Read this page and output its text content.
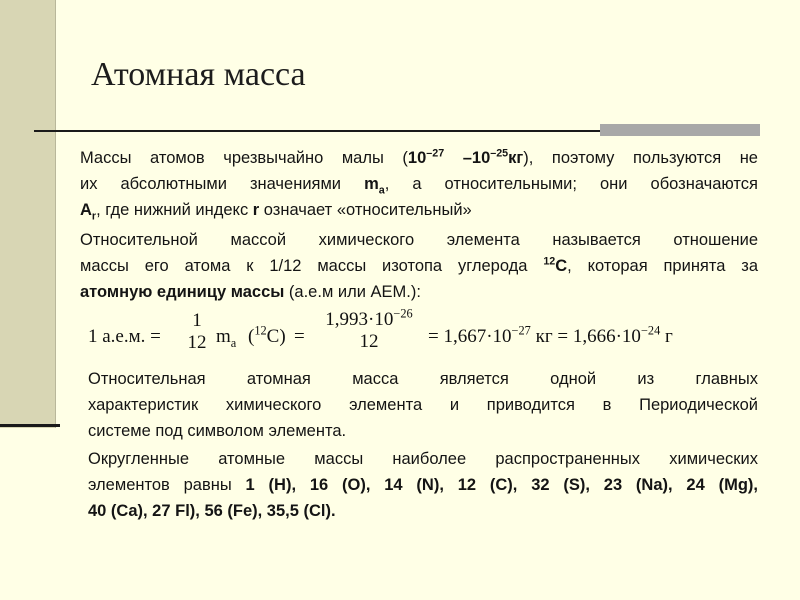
Атомная масса
Массы атомов чрезвычайно малы ($10^{-27}$ $-10^{-25}кг$), поэтому пользуются не
их абсолютными значениями $m_a$, а относительными; они обозначаются
$A_r$, где нижний индекс r означает «относительный»
Относительной массой химического элемента называется отношение
массы его атома к 1/12 массы изотопа углерода $^{12}$C, которая принята за
атомную единицу массы (а.е.м или АЕМ.):
1 а.е.м. =
1
12 $m_а$ ($^{12}$C) =
$1,993\cdot 10^{-26}$
12	= $1,667\cdot 10^{-27}$ кг = $1,666\cdot 10^{-24}$ г
Относительная атомная масса является одной из главных
характеристик химического элемента и приводится в Периодической
системе под символом элемента.
Округленные атомные массы наиболее распространенных химических
элементов равны 1 (H), 16 (O), 14 (N), 12 (C), 32 (S), 23 (Na), 24 (Mg),
40 (Ca), 27 Fl), 56 (Fe), 35,5 (Cl).
